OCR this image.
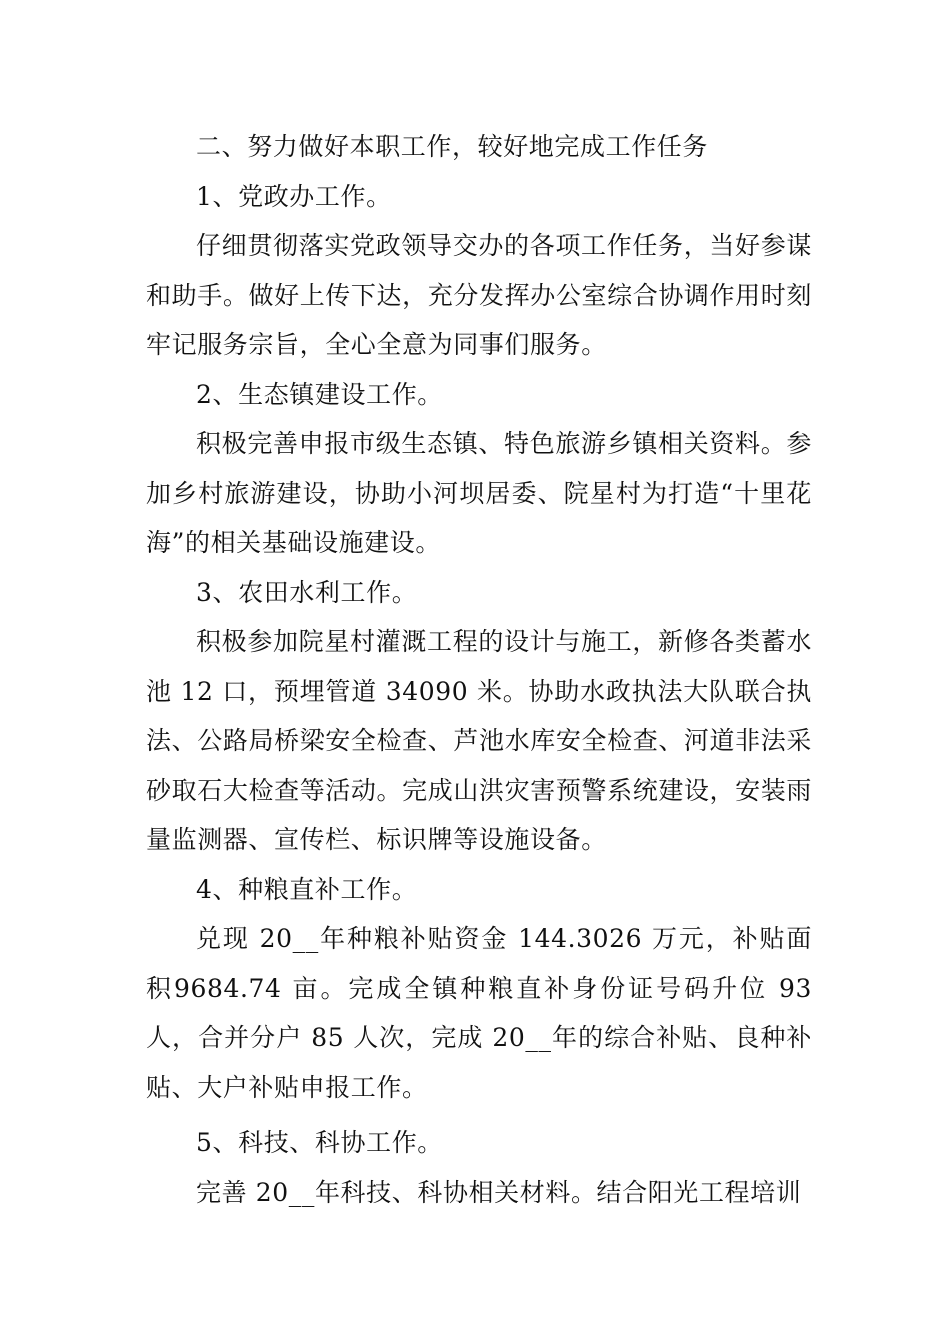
二、努力做好本职工作，较好地完成工作任务

1、党政办工作。

仔细贯彻落实党政领导交办的各项工作任务，当好参谋和助手。做好上传下达，充分发挥办公室综合协调作用时刻牢记服务宗旨，全心全意为同事们服务。

2、生态镇建设工作。

积极完善申报市级生态镇、特色旅游乡镇相关资料。参加乡村旅游建设，协助小河坝居委、院星村为打造“十里花海”的相关基础设施建设。

3、农田水利工作。

积极参加院星村灌溉工程的设计与施工，新修各类蓄水池 12 口，预埋管道 34090 米。协助水政执法大队联合执法、公路局桥梁安全检查、芦池水库安全检查、河道非法采砂取石大检查等活动。完成山洪灾害预警系统建设，安装雨量监测器、宣传栏、标识牌等设施设备。

4、种粮直补工作。

兑现 20__年种粮补贴资金 144.3026 万元，补贴面积9684.74 亩。完成全镇种粮直补身份证号码升位 93 人，合并分户 85 人次，完成 20__年的综合补贴、良种补贴、大户补贴申报工作。

5、科技、科协工作。

完善 20__年科技、科协相关材料。结合阳光工程培训
